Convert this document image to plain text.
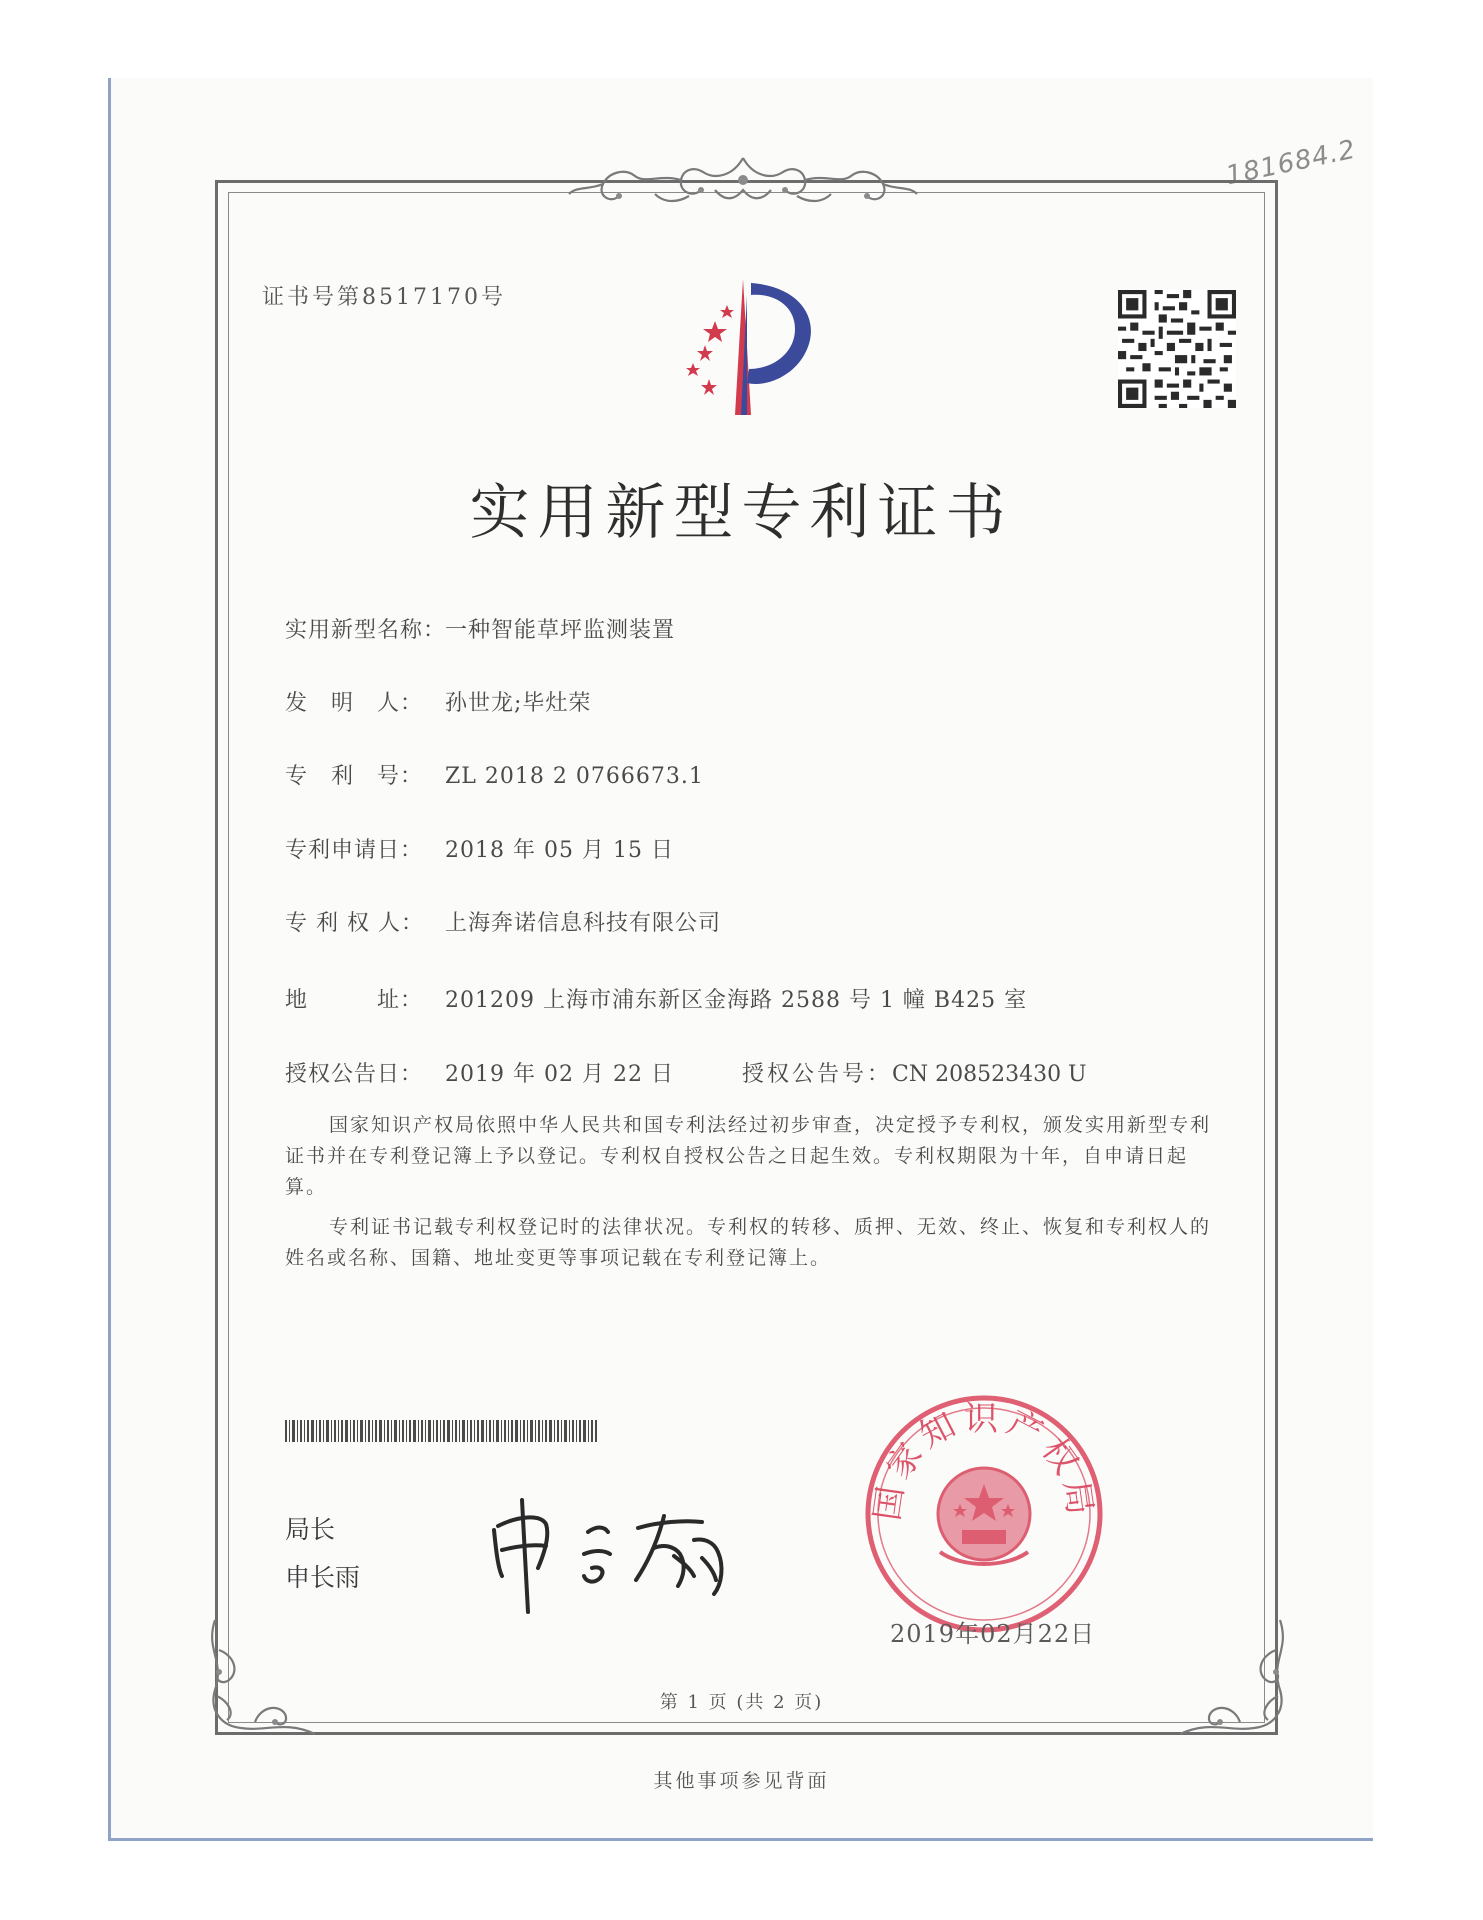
181684.2
证书号第8517170号
实用新型专利证书
实用新型名称：一种智能草坪监测装置
发　明　人： 孙世龙;毕灶荣
专　利　号： ZL 2018 2 0766673.1
专利申请日： 2018 年 05 月 15 日
专 利 权 人： 上海奔诺信息科技有限公司
地　　　址： 201209 上海市浦东新区金海路 2588 号 1 幢 B425 室
授权公告日： 2019 年 02 月 22 日	授权公告号：CN 208523430 U

国家知识产权局依照中华人民共和国专利法经过初步审查，决定授予专利权，颁发实用新型专利证书并在专利登记簿上予以登记。专利权自授权公告之日起生效。专利权期限为十年，自申请日起算。

专利证书记载专利权登记时的法律状况。专利权的转移、质押、无效、终止、恢复和专利权人的姓名或名称、国籍、地址变更等事项记载在专利登记簿上。

局长
申长雨
国家知识产权局
2019年02月22日
第 1 页 (共 2 页)
其他事项参见背面
